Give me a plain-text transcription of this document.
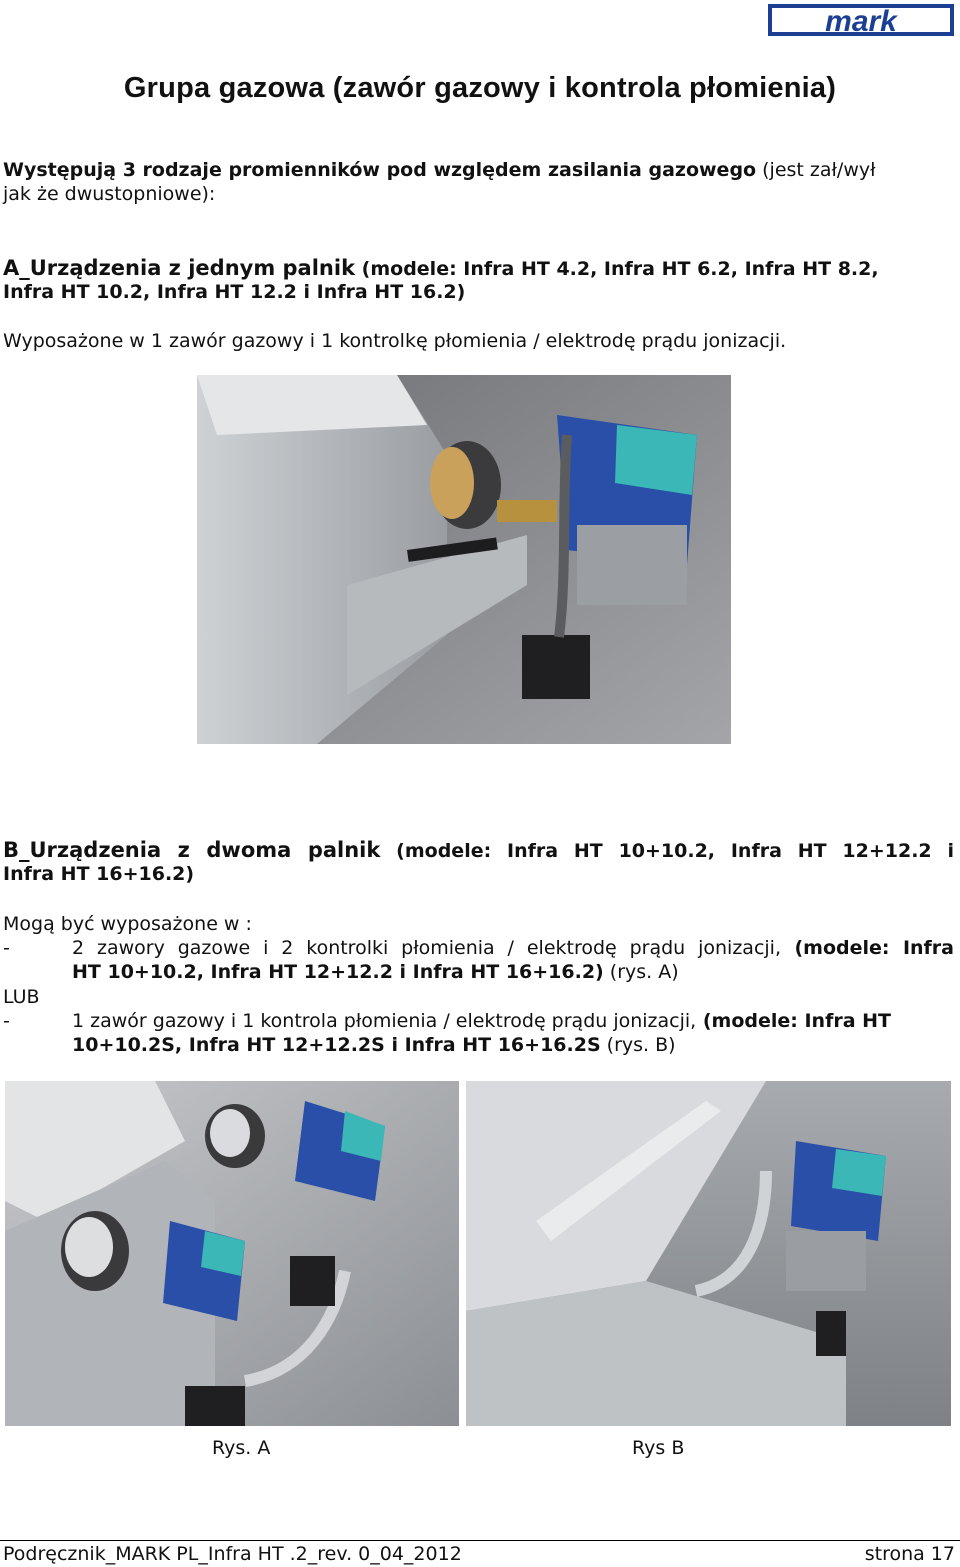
mark
Grupa gazowa (zawór gazowy i kontrola płomienia)
Występują 3 rodzaje promienników pod względem zasilania gazowego (jest zał/wył
jak że dwustopniowe):
A_Urządzenia z jednym palnik (modele: Infra HT 4.2, Infra HT 6.2, Infra HT 8.2,
Infra HT 10.2, Infra HT 12.2 i Infra HT 16.2)
Wyposażone w 1 zawór gazowy i 1 kontrolkę płomienia / elektrodę prądu jonizacji.
B_Urządzenia z dwoma palnik (modele: Infra HT 10+10.2, Infra HT 12+12.2 i
Infra HT 16+16.2)
Mogą być wyposażone w :
-	2 zawory gazowe i 2 kontrolki płomienia / elektrodę prądu jonizacji, (modele: Infra
HT 10+10.2, Infra HT 12+12.2 i Infra HT 16+16.2) (rys. A)
LUB
-	1 zawór gazowy i 1 kontrola płomienia / elektrodę prądu jonizacji, (modele: Infra HT
10+10.2S, Infra HT 12+12.2S i Infra HT 16+16.2S (rys. B)
Rys. A	Rys B
Podręcznik_MARK PL_Infra HT .2_rev. 0_04_2012	strona 17
